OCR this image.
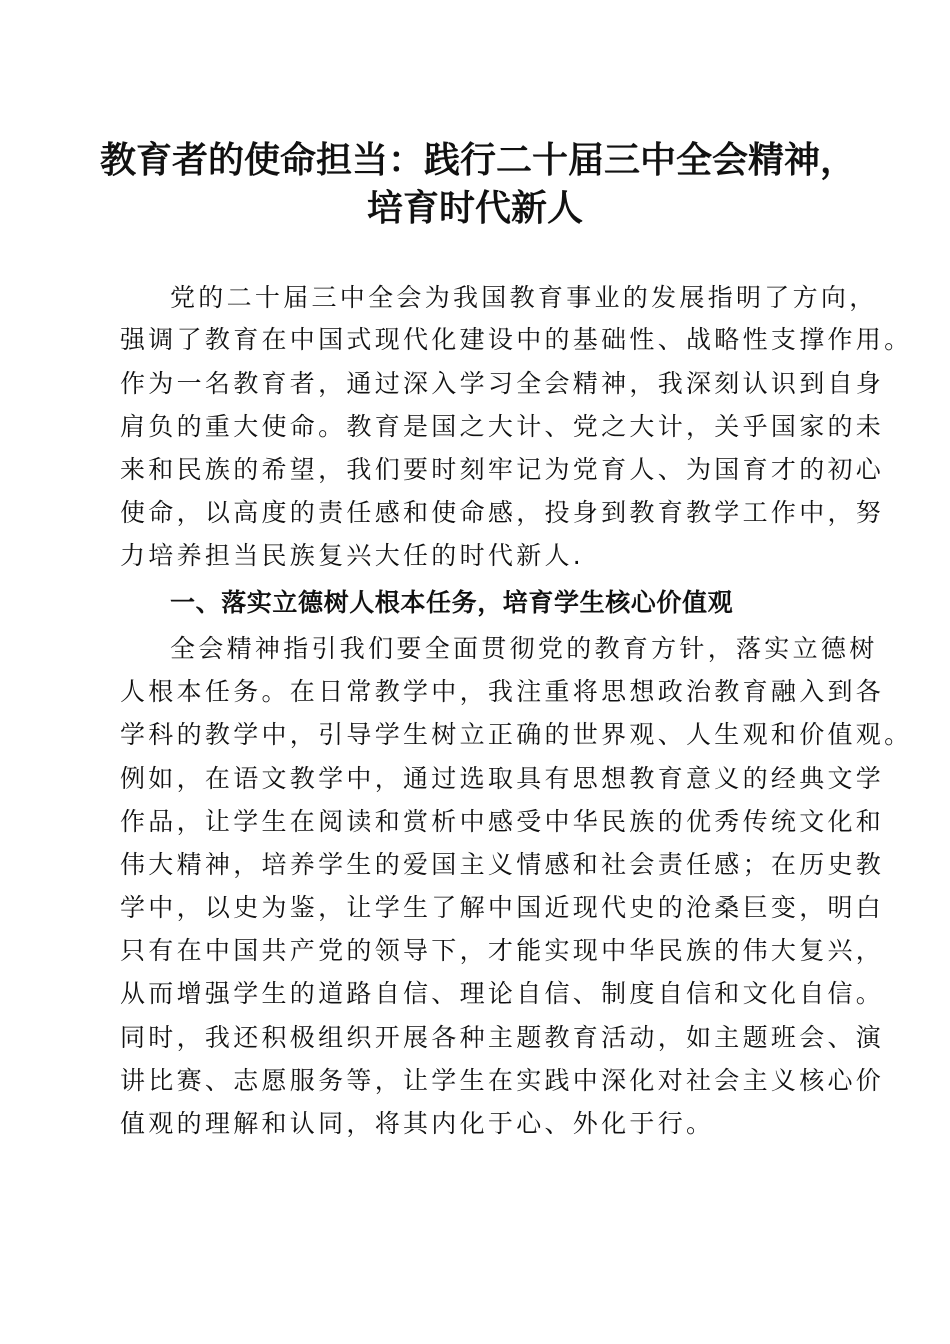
教育者的使命担当：践行二十届三中全会精神，
培育时代新人
党的二十届三中全会为我国教育事业的发展指明了方向，
强调了教育在中国式现代化建设中的基础性、战略性支撑作用。
作为一名教育者，通过深入学习全会精神，我深刻认识到自身
肩负的重大使命。教育是国之大计、党之大计，关乎国家的未
来和民族的希望，我们要时刻牢记为党育人、为国育才的初心
使命，以高度的责任感和使命感，投身到教育教学工作中，努
力培养担当民族复兴大任的时代新人.
一、落实立德树人根本任务，培育学生核心价值观
全会精神指引我们要全面贯彻党的教育方针，落实立德树
人根本任务。在日常教学中，我注重将思想政治教育融入到各
学科的教学中，引导学生树立正确的世界观、人生观和价值观。
例如，在语文教学中，通过选取具有思想教育意义的经典文学
作品，让学生在阅读和赏析中感受中华民族的优秀传统文化和
伟大精神，培养学生的爱国主义情感和社会责任感；在历史教
学中，以史为鉴，让学生了解中国近现代史的沧桑巨变，明白
只有在中国共产党的领导下，才能实现中华民族的伟大复兴，
从而增强学生的道路自信、理论自信、制度自信和文化自信。
同时，我还积极组织开展各种主题教育活动，如主题班会、演
讲比赛、志愿服务等，让学生在实践中深化对社会主义核心价
值观的理解和认同，将其内化于心、外化于行。
